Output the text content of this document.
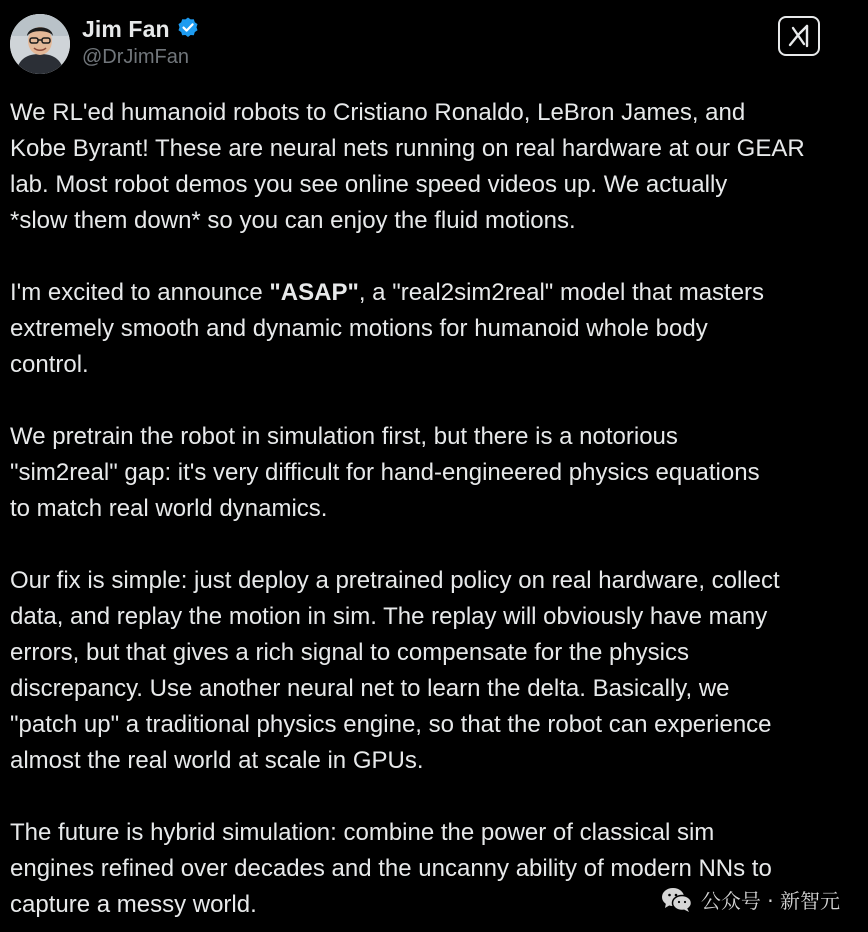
Jim Fan
@DrJimFan
We RL'ed humanoid robots to Cristiano Ronaldo, LeBron James, and
Kobe Byrant! These are neural nets running on real hardware at our GEAR
lab. Most robot demos you see online speed videos up. We actually
*slow them down* so you can enjoy the fluid motions.
I'm excited to announce "ASAP", a "real2sim2real" model that masters
extremely smooth and dynamic motions for humanoid whole body
control.
We pretrain the robot in simulation first, but there is a notorious
"sim2real" gap: it's very difficult for hand-engineered physics equations
to match real world dynamics.
Our fix is simple: just deploy a pretrained policy on real hardware, collect
data, and replay the motion in sim. The replay will obviously have many
errors, but that gives a rich signal to compensate for the physics
discrepancy. Use another neural net to learn the delta. Basically, we
"patch up" a traditional physics engine, so that the robot can experience
almost the real world at scale in GPUs.
The future is hybrid simulation: combine the power of classical sim
engines refined over decades and the uncanny ability of modern NNs to
capture a messy world.	公众号 · 新智元
